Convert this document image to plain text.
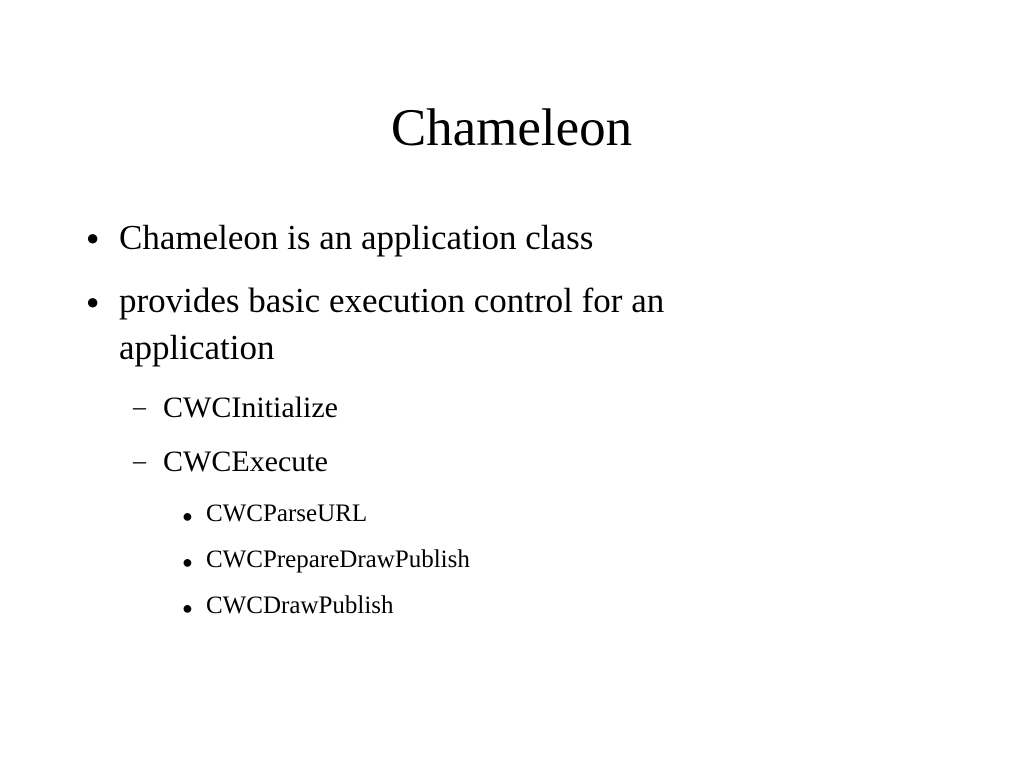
Chameleon
● Chameleon is an application class
● provides basic execution control for an
application
– CWCInitialize
– CWCExecute
● CWCParseURL
● CWCPrepareDrawPublish
● CWCDrawPublish
